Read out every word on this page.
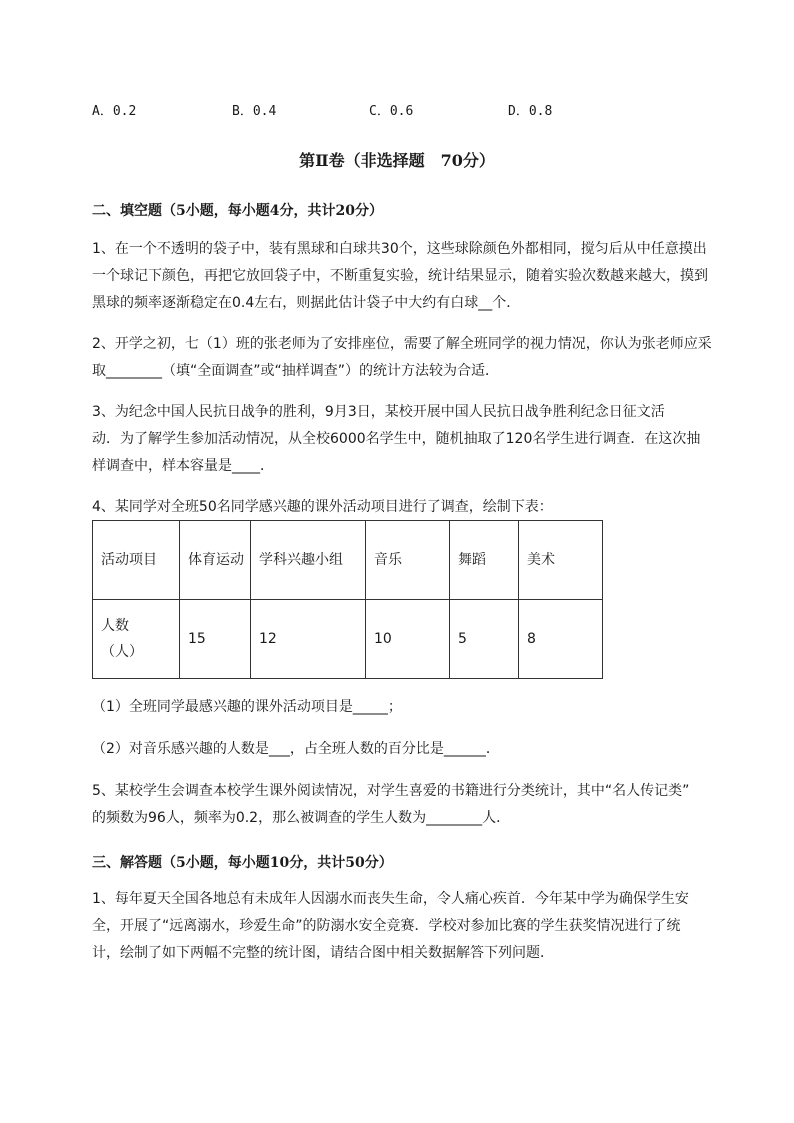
A．0.2	B．0.4	C．0.6	D．0.8
第Ⅱ卷（非选择题　70分）
二、填空题（5小题，每小题4分，共计20分）

1、在一个不透明的袋子中，装有黑球和白球共30个，这些球除颜色外都相同，搅匀后从中任意摸出
一个球记下颜色，再把它放回袋子中，不断重复实验，统计结果显示，随着实验次数越来越大，摸到
黑球的频率逐渐稳定在0.4左右，则据此估计袋子中大约有白球__个．

2、开学之初，七（1）班的张老师为了安排座位，需要了解全班同学的视力情况，你认为张老师应采
取________（填“全面调查”或“抽样调查”）的统计方法较为合适．

3、为纪念中国人民抗日战争的胜利，9月3日，某校开展中国人民抗日战争胜利纪念日征文活
动．为了解学生参加活动情况，从全校6000名学生中，随机抽取了120名学生进行调查．在这次抽
样调查中，样本容量是____．

4、某同学对全班50名同学感兴趣的课外活动项目进行了调查，绘制下表：

活动项目	体育运动	学科兴趣小组	音乐	舞蹈	美术

人数（人）	15	12	10	5	8

（1）全班同学最感兴趣的课外活动项目是_____；

（2）对音乐感兴趣的人数是___，占全班人数的百分比是______．

5、某校学生会调查本校学生课外阅读情况，对学生喜爱的书籍进行分类统计，其中“名人传记类”
的频数为96人，频率为0.2，那么被调查的学生人数为________人．

三、解答题（5小题，每小题10分，共计50分）

1、每年夏天全国各地总有未成年人因溺水而丧失生命，令人痛心疾首．今年某中学为确保学生安
全，开展了“远离溺水，珍爱生命”的防溺水安全竞赛．学校对参加比赛的学生获奖情况进行了统
计，绘制了如下两幅不完整的统计图，请结合图中相关数据解答下列问题．
